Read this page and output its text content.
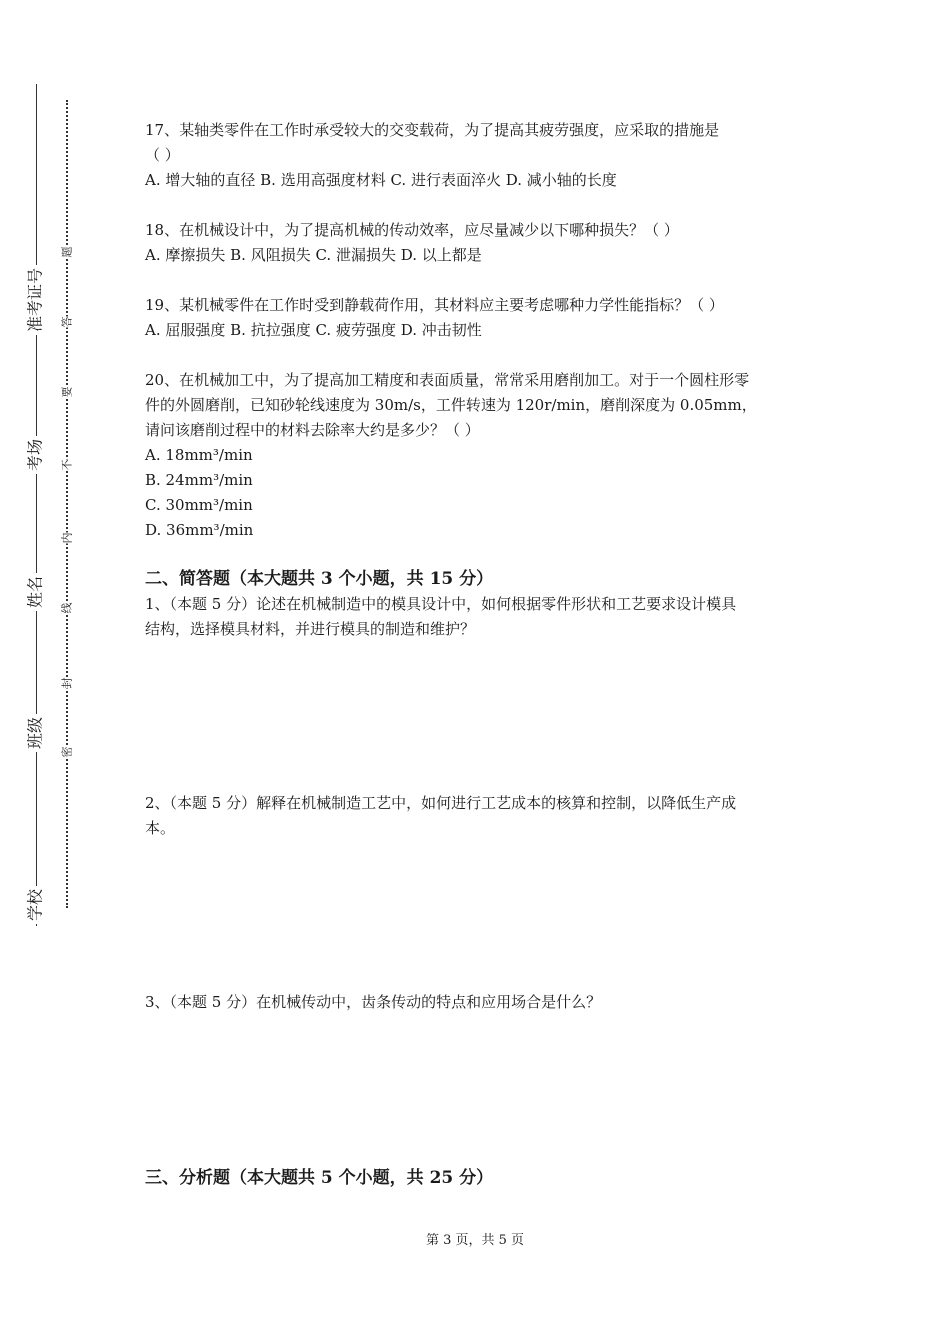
准考证号
考场
姓名
班级
学校
题
答
要
不
内
线
封
密

17、某轴类零件在工作时承受较大的交变载荷，为了提高其疲劳强度，应采取的措施是

（ ）

A. 增大轴的直径 B. 选用高强度材料 C. 进行表面淬火 D. 减小轴的长度

18、在机械设计中，为了提高机械的传动效率，应尽量减少以下哪种损失？（ ）

A. 摩擦损失 B. 风阻损失 C. 泄漏损失 D. 以上都是

19、某机械零件在工作时受到静载荷作用，其材料应主要考虑哪种力学性能指标？（ ）

A. 屈服强度 B. 抗拉强度 C. 疲劳强度 D. 冲击韧性

20、在机械加工中，为了提高加工精度和表面质量，常常采用磨削加工。对于一个圆柱形零

件的外圆磨削，已知砂轮线速度为 30m/s，工件转速为 120r/min，磨削深度为 0.05mm，

请问该磨削过程中的材料去除率大约是多少？（ ）

A. 18mm³/min

B. 24mm³/min

C. 30mm³/min

D. 36mm³/min

二、简答题（本大题共 3 个小题，共 15 分）

1、（本题 5 分）论述在机械制造中的模具设计中，如何根据零件形状和工艺要求设计模具

结构，选择模具材料，并进行模具的制造和维护？

2、（本题 5 分）解释在机械制造工艺中，如何进行工艺成本的核算和控制，以降低生产成

本。

3、（本题 5 分）在机械传动中，齿条传动的特点和应用场合是什么？

三、分析题（本大题共 5 个小题，共 25 分）
第 3 页，共 5 页
